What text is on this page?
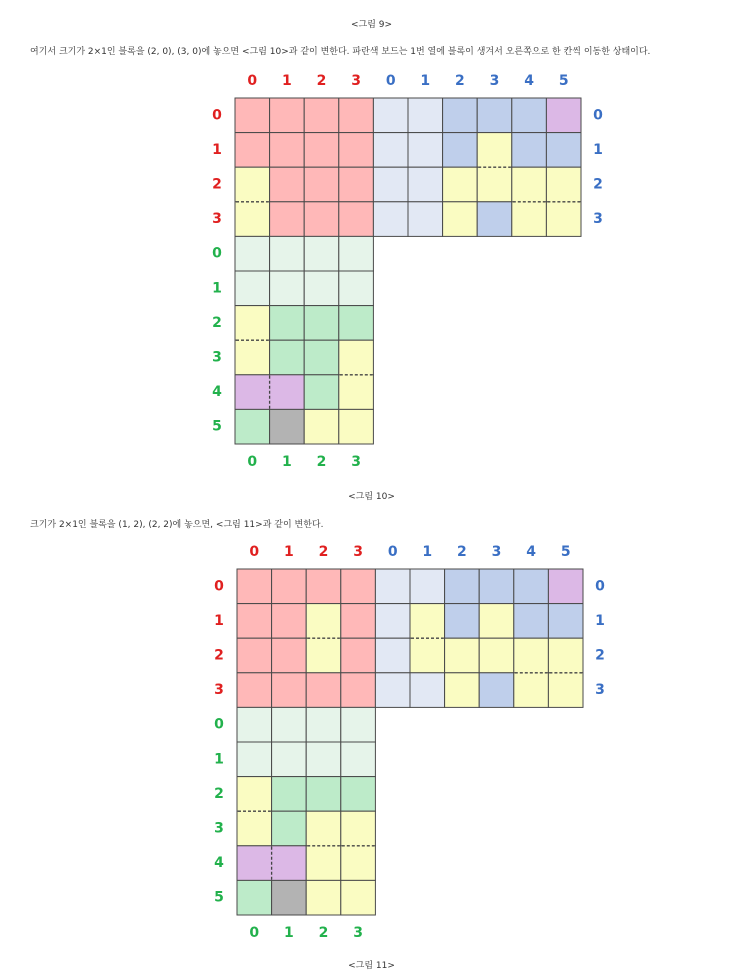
<그림 9>
여기서 크기가 2×1인 블록을 (2, 0), (3, 0)에 놓으면 <그림 10>과 같이 변한다. 파란색 보드는 1번 열에 블록이 생겨서 오른쪽으로 한 칸씩 이동한 상태이다.
0 1 2 3 0 1 2 3 4 5
0
1
2
3
0
1
2
3
0
1
2
3
4
5
0 1 2 3
<그림 10>
크기가 2×1인 블록을 (1, 2), (2, 2)에 놓으면, <그림 11>과 같이 변한다.
0 1 2 3 0 1 2 3 4 5
0
1
2
3
0
1
2
3
0
1
2
3
4
5
0 1 2 3
<그림 11>
